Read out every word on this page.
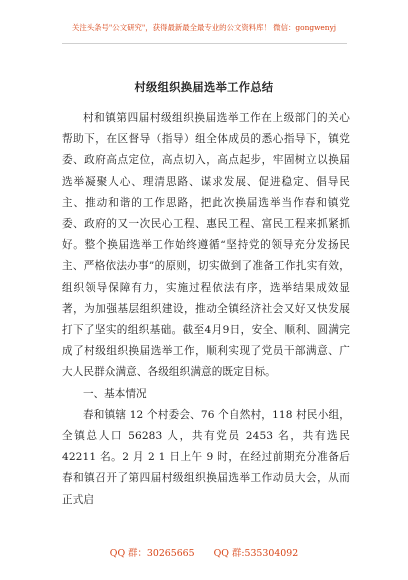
关注头条号"公文研究"，获得最新最全最专业的公文资料库！ 微信：gongwenyj
村级组织换届选举工作总结

村和镇第四届村级组织换届选举工作在上级部门的关心帮助下，在区督导（指导）组全体成员的悉心指导下，镇党委、政府高点定位，高点切入，高点起步，牢固树立以换届选举凝聚人心、理清思路、谋求发展、促进稳定、倡导民主、推动和谐的工作思路，把此次换届选举当作春和镇党委、政府的又一次民心工程、惠民工程、富民工程来抓紧抓好。整个换届选举工作始终遵循“坚持党的领导充分发扬民主、严格依法办事”的原则，切实做到了准备工作扎实有效，组织领导保障有力，实施过程依法有序，选举结果成效显著，为加强基层组织建设，推动全镇经济社会又好又快发展打下了坚实的组织基础。截至4月9日，安全、顺利、圆满完成了村级组织换届选举工作，顺利实现了党员干部满意、广大人民群众满意、各级组织满意的既定目标。

一、基本情况

春和镇辖 12 个村委会、76 个自然村，118 村民小组，全镇总人口 56283 人，共有党员 2453 名，共有选民 42211 名。2 月 2 1 日上午 9 时，在经过前期充分准备后春和镇召开了第四届村级组织换届选举工作动员大会，从而正式启

QQ 群：30265665 QQ 群:535304092
